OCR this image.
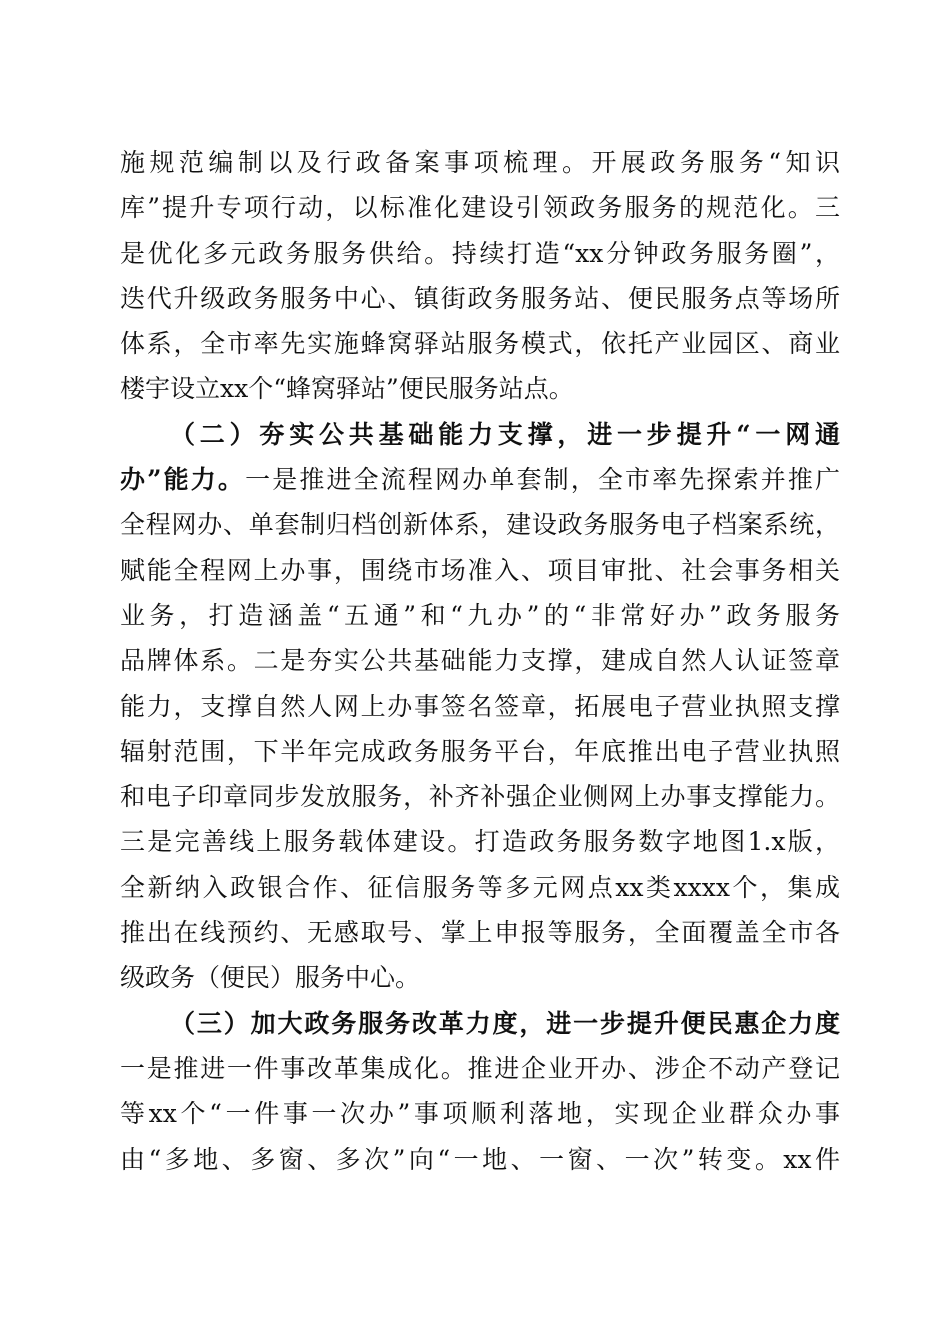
施规范编制以及行政备案事项梳理。开展政务服务“知识
库”提升专项行动，以标准化建设引领政务服务的规范化。三
是优化多元政务服务供给。持续打造“xx分钟政务服务圈”，
迭代升级政务服务中心、镇街政务服务站、便民服务点等场所
体系，全市率先实施蜂窝驿站服务模式，依托产业园区、商业
楼宇设立xx个“蜂窝驿站”便民服务站点。
（二）夯实公共基础能力支撑，进一步提升“一网通
办”能力。一是推进全流程网办单套制，全市率先探索并推广
全程网办、单套制归档创新体系，建设政务服务电子档案系统，
赋能全程网上办事，围绕市场准入、项目审批、社会事务相关
业务，打造涵盖“五通”和“九办”的“非常好办”政务服务
品牌体系。二是夯实公共基础能力支撑，建成自然人认证签章
能力，支撑自然人网上办事签名签章，拓展电子营业执照支撑
辐射范围，下半年完成政务服务平台，年底推出电子营业执照
和电子印章同步发放服务，补齐补强企业侧网上办事支撑能力。
三是完善线上服务载体建设。打造政务服务数字地图1.x版，
全新纳入政银合作、征信服务等多元网点xx类xxxx个，集成
推出在线预约、无感取号、掌上申报等服务，全面覆盖全市各
级政务（便民）服务中心。
（三）加大政务服务改革力度，进一步提升便民惠企力度
一是推进一件事改革集成化。推进企业开办、涉企不动产登记
等xx个“一件事一次办”事项顺利落地，实现企业群众办事
由“多地、多窗、多次”向“一地、一窗、一次”转变。xx件
